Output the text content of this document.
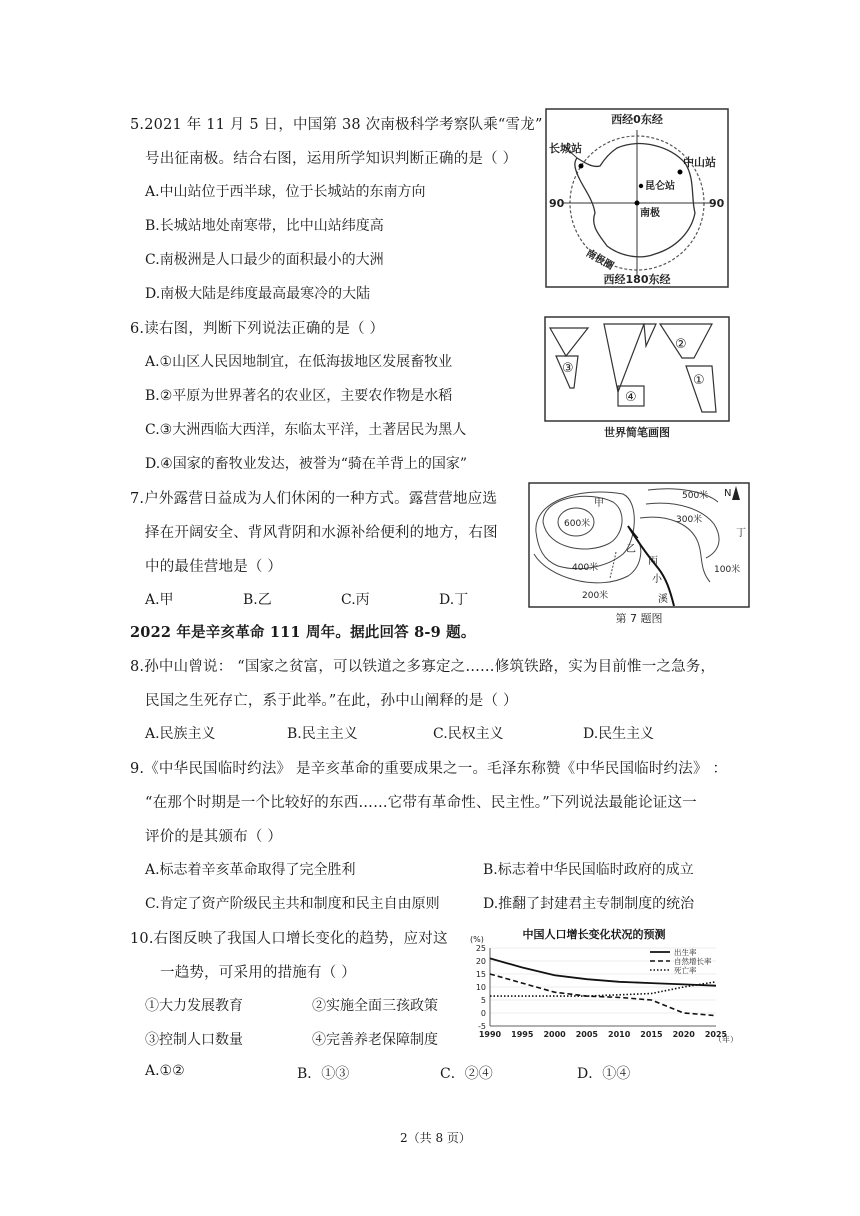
5.2021 年 11 月 5 日，中国第 38 次南极科学考察队乘“雪龙”
号出征南极。结合右图，运用所学知识判断正确的是（ ）
A.中山站位于西半球，位于长城站的东南方向
B.长城站地处南寒带，比中山站纬度高
C.南极洲是人口最少的面积最小的大洲
D.南极大陆是纬度最高最寒冷的大陆
西经0东经
西经180东经
90	90
长城站
中山站
昆仑站
南极
南极圈
6.读右图，判断下列说法正确的是（ ）
A.①山区人民因地制宜，在低海拔地区发展畜牧业
B.②平原为世界著名的农业区，主要农作物是水稻
C.③大洲西临大西洋，东临太平洋，土著居民为黑人
D.④国家的畜牧业发达，被誉为“骑在羊背上的国家”
②
③
①
④
世界简笔画图
7.户外露营日益成为人们休闲的一种方式。露营营地应选
择在开阔安全、背风背阴和水源补给便利的地方，右图
中的最佳营地是（ ）
A.甲	B.乙	C.丙	D.丁
N
600米
500米
300米
400米
200米
100米
甲
乙
丙
丁
小
溪
第 7 题图
2022 年是辛亥革命 111 周年。据此回答 8-9 题。
8.孙中山曾说： “国家之贫富，可以铁道之多寡定之……修筑铁路，实为目前惟一之急务，
民国之生死存亡，系于此举。”在此，孙中山阐释的是（ ）
A.民族主义	B.民主主义	C.民权主义	D.民生主义
9.《中华民国临时约法》 是辛亥革命的重要成果之一。毛泽东称赞《中华民国临时约法》 ：
“在那个时期是一个比较好的东西……它带有革命性、民主性。”下列说法最能论证这一
评价的是其颁布（ ）
A.标志着辛亥革命取得了完全胜利	B.标志着中华民国临时政府的成立
C.肯定了资产阶级民主共和制度和民主自由原则	D.推翻了封建君主专制制度的统治
10.右图反映了我国人口增长变化的趋势，应对这
一趋势，可采用的措施有（ ）
①大力发展教育	②实施全面三孩政策
③控制人口数量	④完善养老保障制度
A.①②	B．①③	C．②④	D．①④
中国人口增长变化状况的预测
(%)
-5
0
5
10
15
20
25
1990 1995 2000 2005 2010 2015 2020 2025
出生率
自然增长率
死亡率
（年）
2（共 8 页）
